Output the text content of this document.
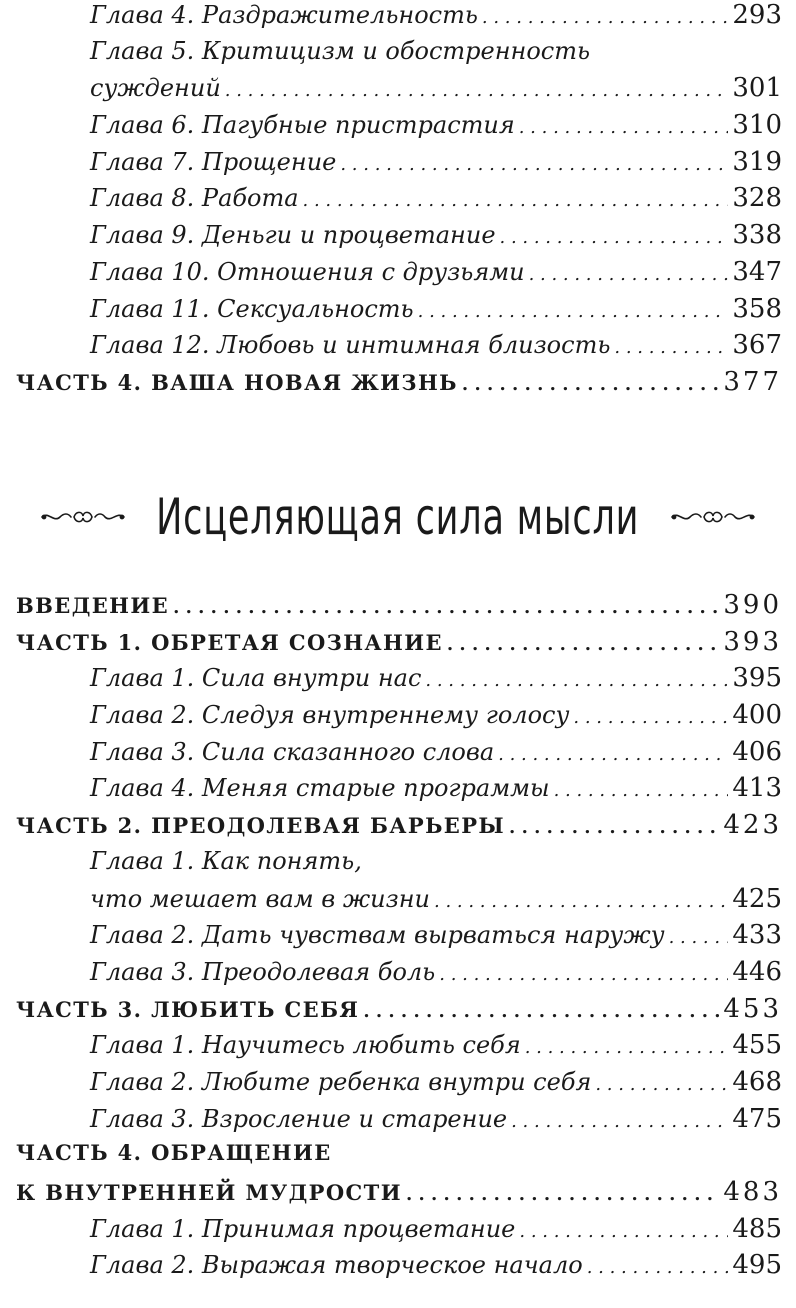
Глава 4. Раздражительность . . .	293
Глава 5. Критицизм и обостренность
суждений . . .	301
Глава 6. Пагубные пристрастия . . .	310
Глава 7. Прощение . . .	319
Глава 8. Работа . . .	328
Глава 9. Деньги и процветание . . .	338
Глава 10. Отношения с друзьями . . .	347
Глава 11. Сексуальность . . .	358
Глава 12. Любовь и интимная близость . . .	367
ЧАСТЬ 4. ВАША НОВАЯ ЖИЗНЬ . . .	377
Исцеляющая сила мысли
ВВЕДЕНИЕ . . .	390
ЧАСТЬ 1. ОБРЕТАЯ СОЗНАНИЕ . . .	393
Глава 1. Сила внутри нас . . .	395
Глава 2. Следуя внутреннему голосу . . .	400
Глава 3. Сила сказанного слова . . .	406
Глава 4. Меняя старые программы . . .	413
ЧАСТЬ 2. ПРЕОДОЛЕВАЯ БАРЬЕРЫ . . .	423
Глава 1. Как понять,
что мешает вам в жизни . . .	425
Глава 2. Дать чувствам вырваться наружу . . .	433
Глава 3. Преодолевая боль . . .	446
ЧАСТЬ 3. ЛЮБИТЬ СЕБЯ . . .	453
Глава 1. Научитесь любить себя . . .	455
Глава 2. Любите ребенка внутри себя . . .	468
Глава 3. Взросление и старение . . .	475
ЧАСТЬ 4. ОБРАЩЕНИЕ
К ВНУТРЕННЕЙ МУДРОСТИ . . .	483
Глава 1. Принимая процветание . . .	485
Глава 2. Выражая творческое начало . . .	495
